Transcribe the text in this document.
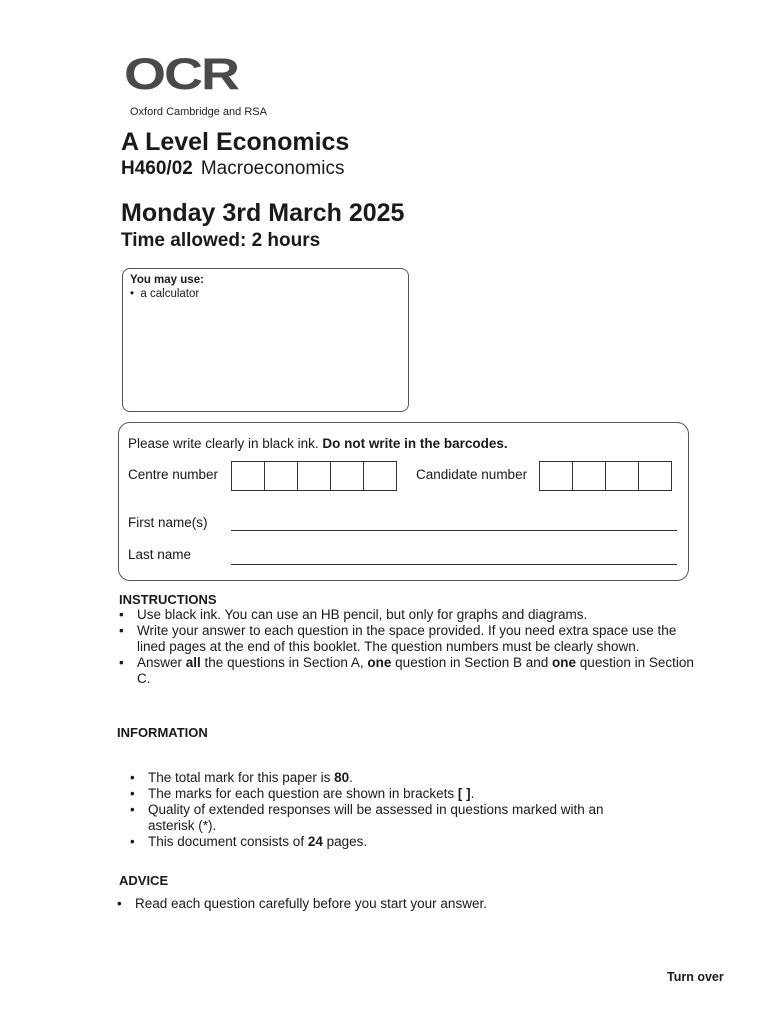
OCR
Oxford Cambridge and RSA
A Level Economics
H460/02 Macroeconomics
Monday 3rd March 2025
Time allowed: 2 hours
You may use:
•  a calculator
Please write clearly in black ink. Do not write in the barcodes.
Centre number	Candidate number
First name(s)
Last name
INSTRUCTIONS
• Use black ink. You can use an HB pencil, but only for graphs and diagrams.
• Write your answer to each question in the space provided. If you need extra space use the lined pages at the end of this booklet. The question numbers must be clearly shown.
• Answer all the questions in Section A, one question in Section B and one question in Section C.
INFORMATION
• The total mark for this paper is 80.
• The marks for each question are shown in brackets [ ].
• Quality of extended responses will be assessed in questions marked with an asterisk (*).
• This document consists of 24 pages.
ADVICE
• Read each question carefully before you start your answer.
Turn over
